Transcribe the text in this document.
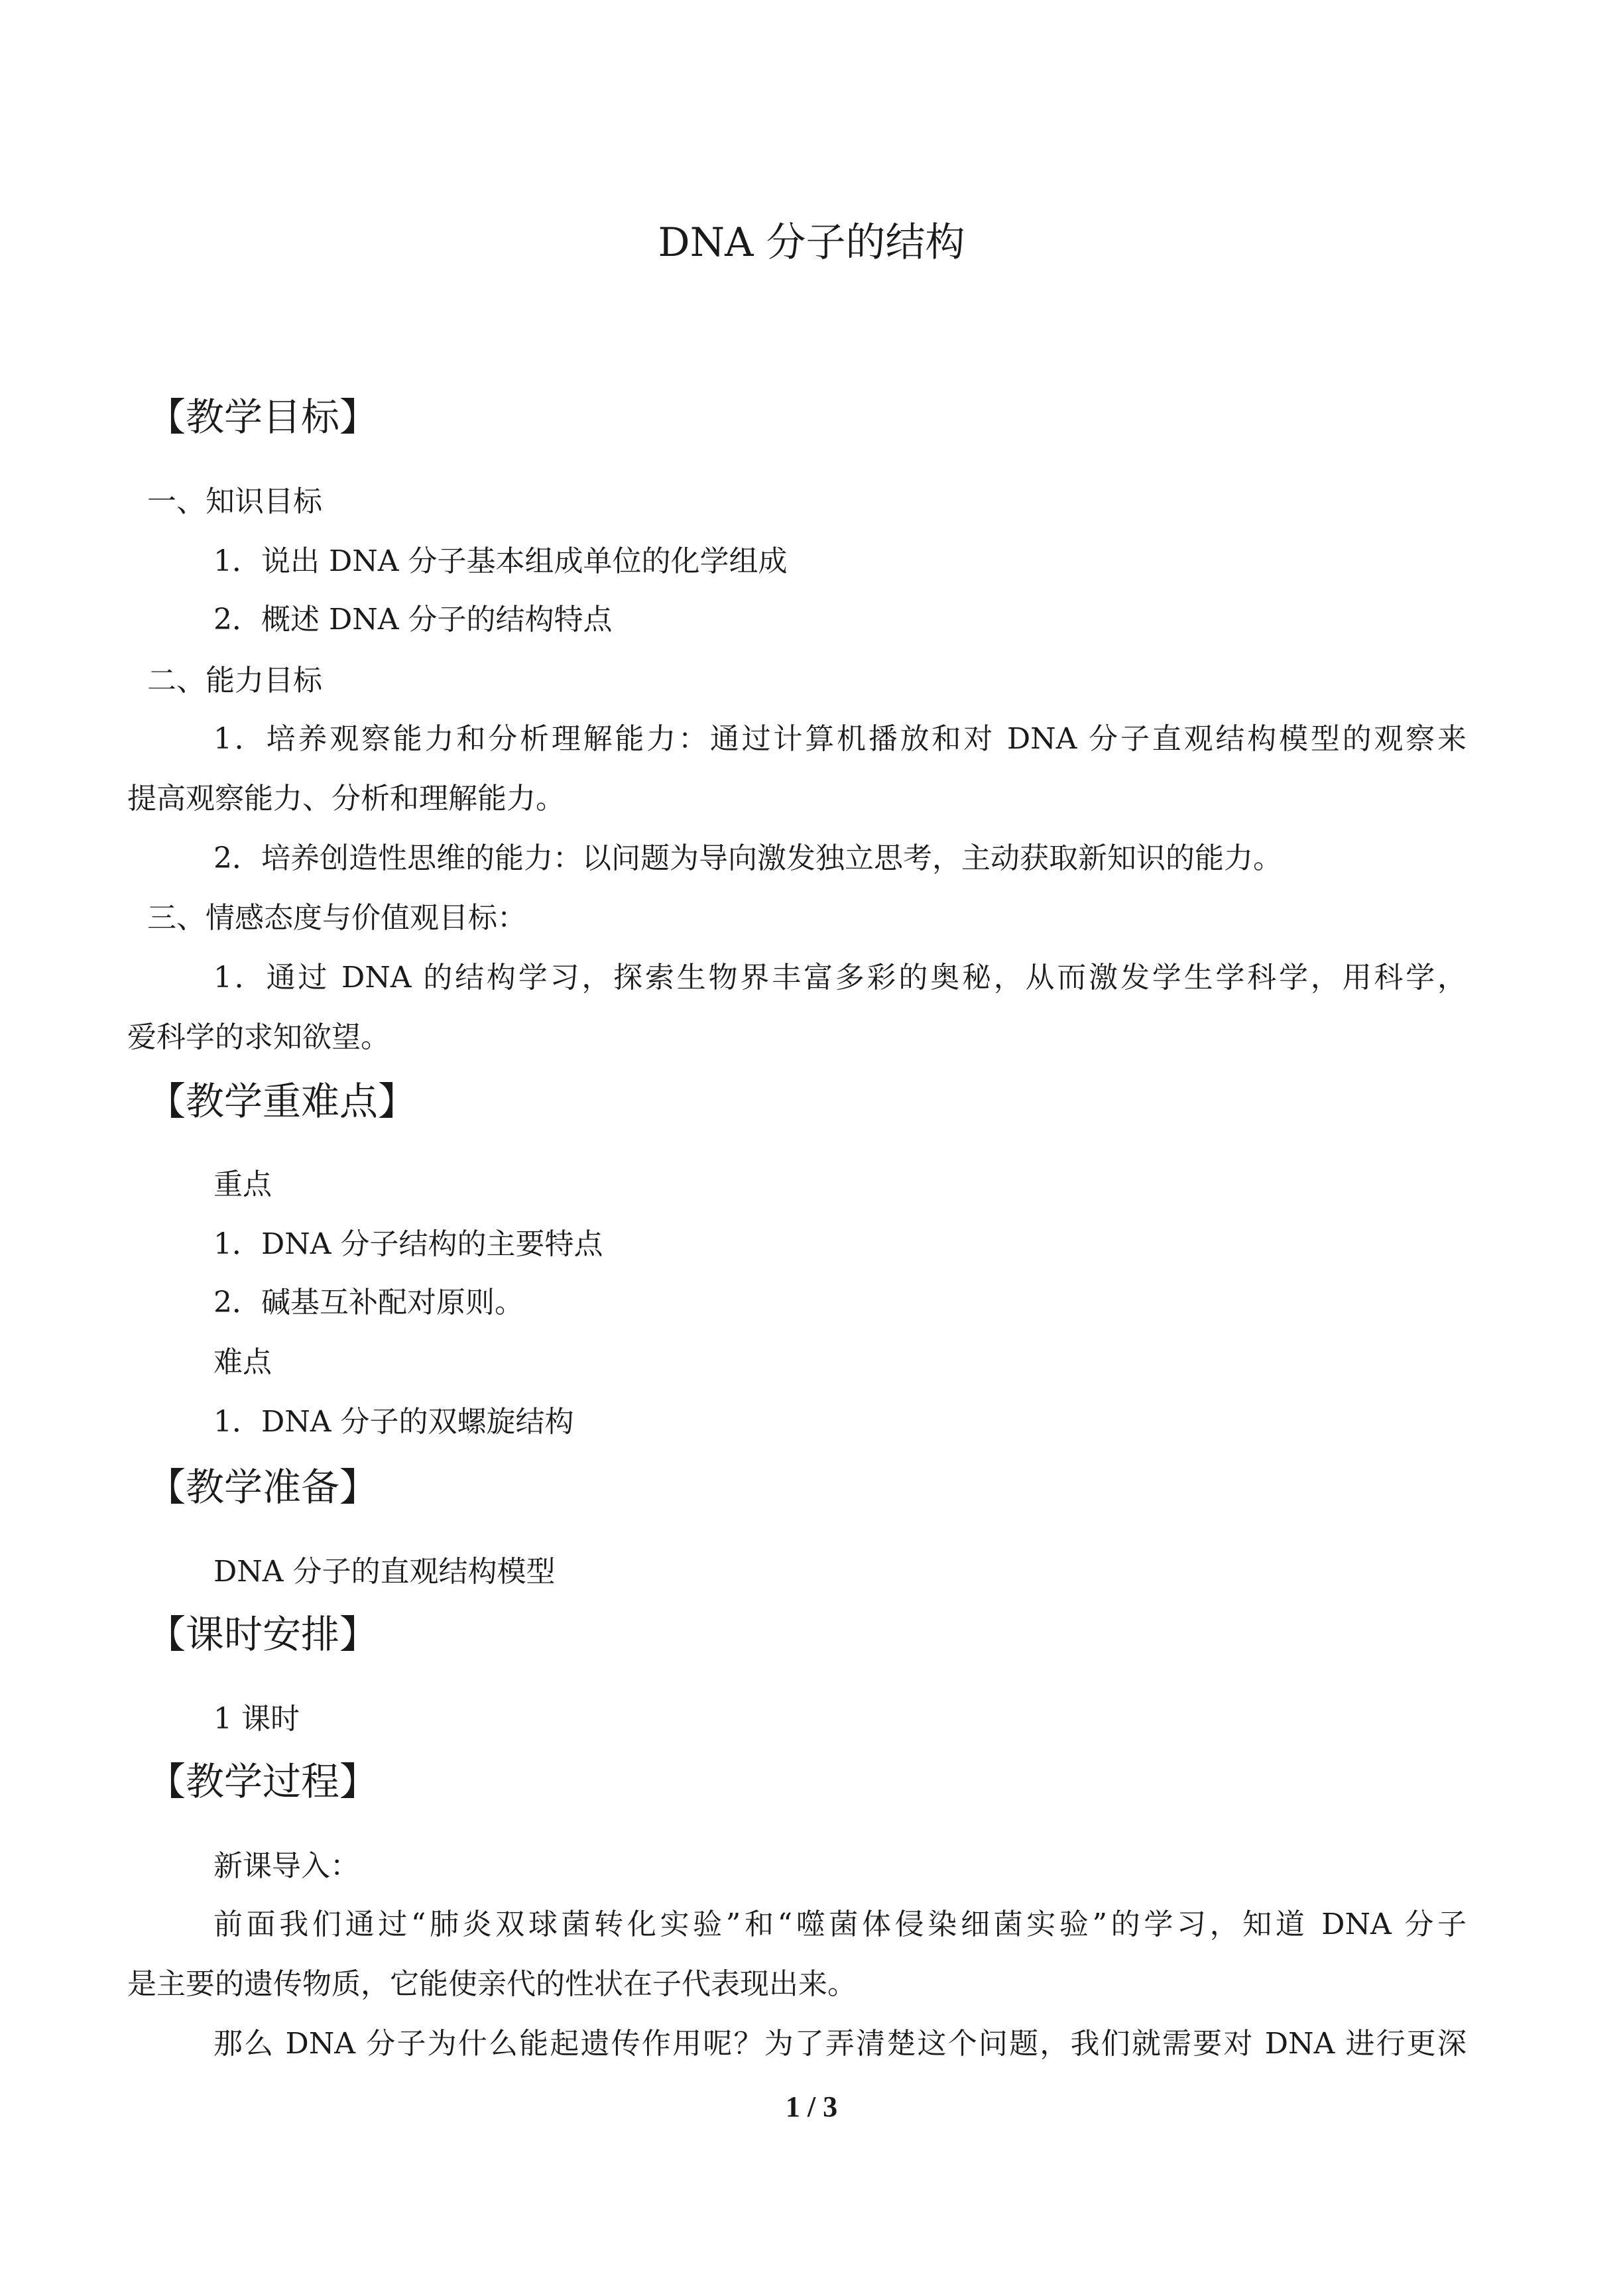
DNA 分子的结构
【教学目标】
一、知识目标
1．说出 DNA 分子基本组成单位的化学组成
2．概述 DNA 分子的结构特点
二、能力目标
1．培养观察能力和分析理解能力：通过计算机播放和对 DNA 分子直观结构模型的观察来
提高观察能力、分析和理解能力。
2．培养创造性思维的能力：以问题为导向激发独立思考，主动获取新知识的能力。
三、情感态度与价值观目标：
1．通过 DNA 的结构学习，探索生物界丰富多彩的奥秘，从而激发学生学科学，用科学，
爱科学的求知欲望。
【教学重难点】
重点
1．DNA 分子结构的主要特点
2．碱基互补配对原则。
难点
1．DNA 分子的双螺旋结构
【教学准备】
DNA 分子的直观结构模型
【课时安排】
1 课时
【教学过程】
新课导入：
前面我们通过“肺炎双球菌转化实验”和“噬菌体侵染细菌实验”的学习，知道 DNA 分子
是主要的遗传物质，它能使亲代的性状在子代表现出来。
那么 DNA 分子为什么能起遗传作用呢？为了弄清楚这个问题，我们就需要对 DNA 进行更深
1 / 3
